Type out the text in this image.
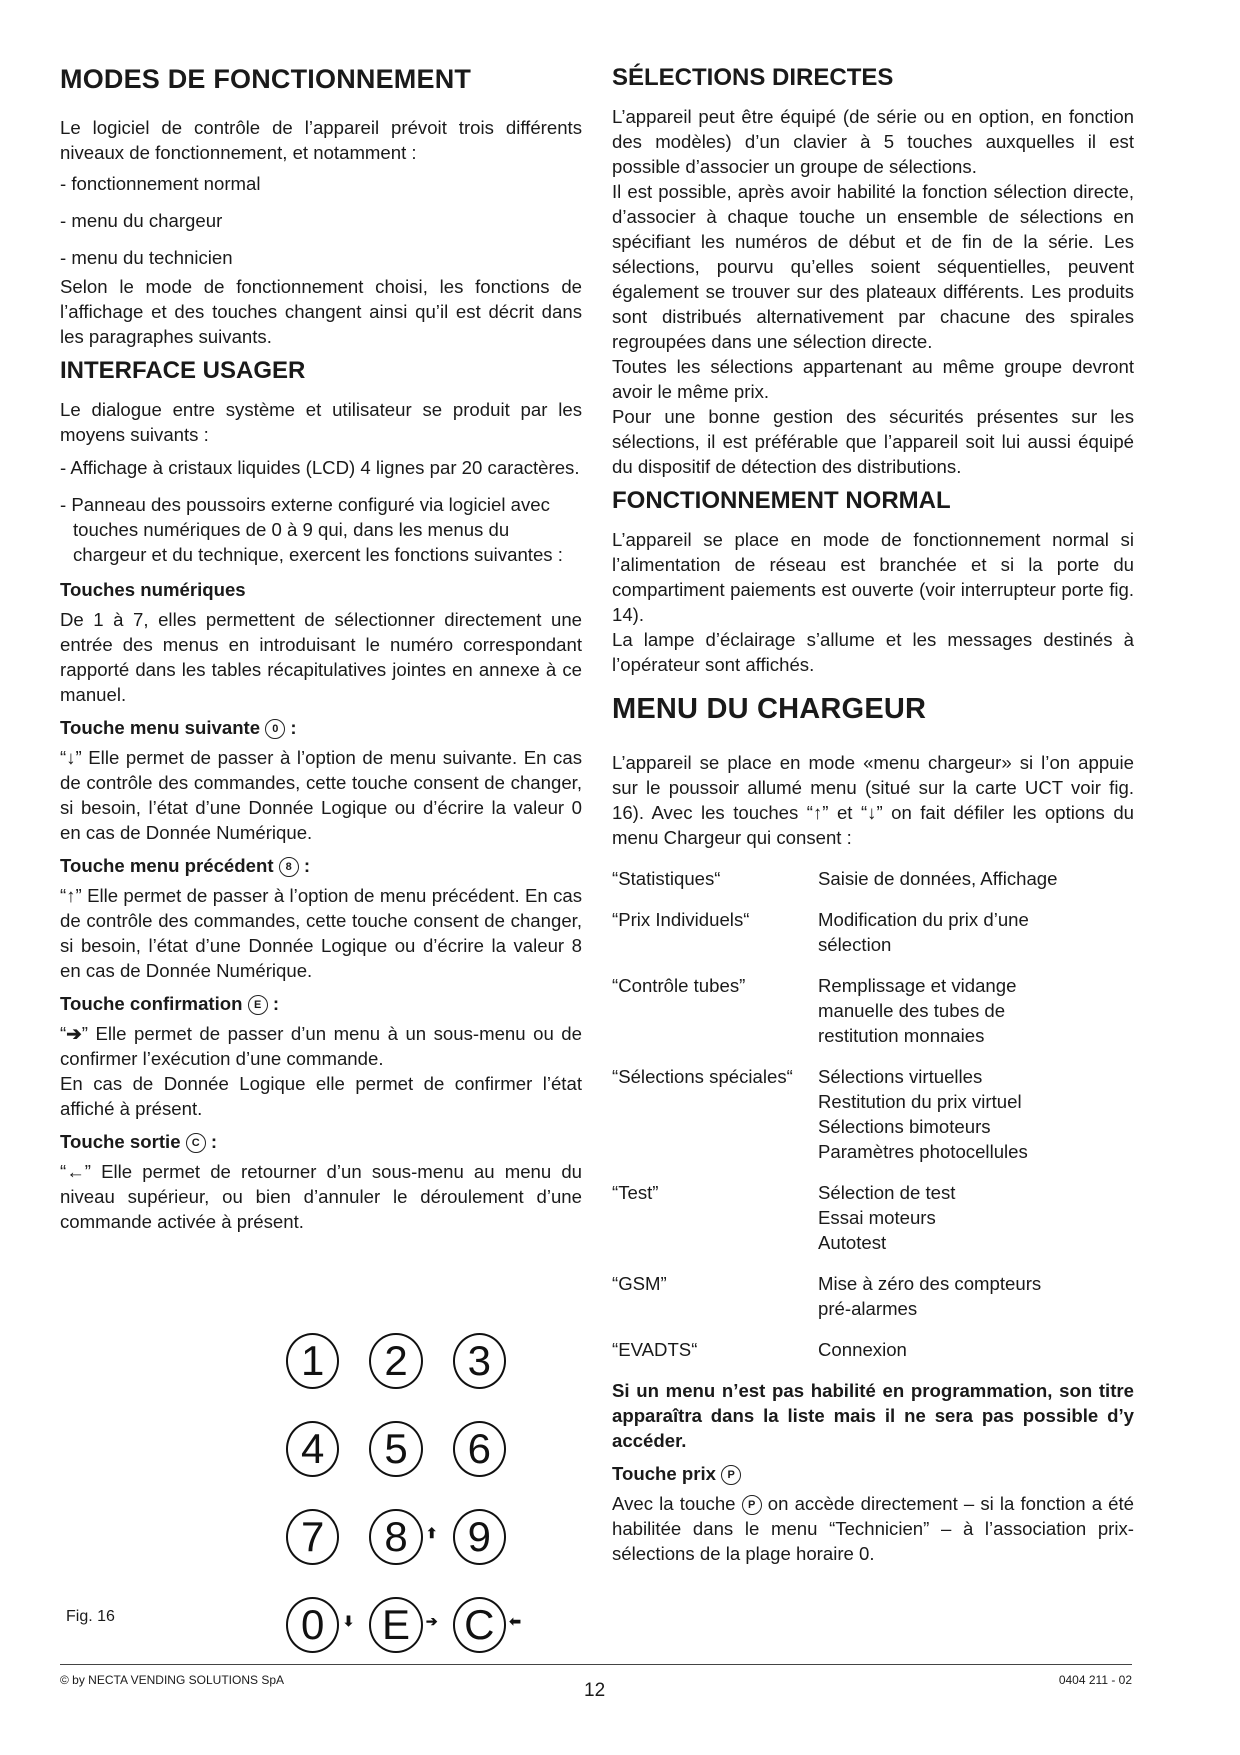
MODES DE FONCTIONNEMENT

Le logiciel de contrôle de l’appareil prévoit trois différents niveaux de fonctionnement, et notamment :

- fonctionnement normal
- menu du chargeur
- menu du technicien

Selon le mode de fonctionnement choisi, les fonctions de l’affichage et des touches changent ainsi qu’il est décrit dans les paragraphes suivants.

INTERFACE USAGER

Le dialogue entre système et utilisateur se produit par les moyens suivants :

- Affichage à cristaux liquides (LCD) 4 lignes par 20 caractères.
- Panneau des poussoirs externe configuré via logiciel avec touches numériques de 0 à 9 qui, dans les menus du chargeur et du technique, exercent les fonctions suivantes :
Touches numériques

De 1 à 7, elles permettent de sélectionner directement une entrée des menus en introduisant le numéro correspondant rapporté dans les tables récapitulatives jointes en annexe à ce manuel.

Touche menu suivante 0 :

“↓” Elle permet de passer à l’option de menu suivante. En cas de contrôle des commandes, cette touche consent de changer, si besoin, l’état d’une Donnée Logique ou d’écrire la valeur 0 en cas de Donnée Numérique.

Touche menu précédent 8 :

“↑” Elle permet de passer à l’option de menu précédent. En cas de contrôle des commandes, cette touche consent de changer, si besoin, l’état d’une Donnée Logique ou d’écrire la valeur 8 en cas de Donnée Numérique.

Touche confirmation E :

“➔” Elle permet de passer d’un menu à un sous-menu ou de confirmer l’exécution d’une commande.

En cas de Donnée Logique elle permet de confirmer l’état affiché à présent.

Touche sortie C :

“←” Elle permet de retourner d’un sous-menu au menu du niveau supérieur, ou bien d’annuler le déroulement d’une commande activée à présent.

1	2	3
4	5	6
7	8 ⬆ 9
0 ⬇ E ➔ C ⬅
Fig. 16
SÉLECTIONS DIRECTES

L’appareil peut être équipé (de série ou en option, en fonction des modèles) d’un clavier à 5 touches auxquelles il est possible d’associer un groupe de sélections.

Il est possible, après avoir habilité la fonction sélection directe, d’associer à chaque touche un ensemble de sélections en spécifiant les numéros de début et de fin de la série. Les sélections, pourvu qu’elles soient séquentielles, peuvent également se trouver sur des plateaux différents. Les produits sont distribués alternativement par chacune des spirales regroupées dans une sélection directe.

Toutes les sélections appartenant au même groupe devront avoir le même prix.

Pour une bonne gestion des sécurités présentes sur les sélections, il est préférable que l’appareil soit lui aussi équipé du dispositif de détection des distributions.

FONCTIONNEMENT NORMAL

L’appareil se place en mode de fonctionnement normal si l’alimentation de réseau est branchée et si la porte du compartiment paiements est ouverte (voir interrupteur porte fig. 14).

La lampe d’éclairage s’allume et les messages destinés à l’opérateur sont affichés.

MENU DU CHARGEUR

L’appareil se place en mode «menu chargeur» si l’on appuie sur le poussoir allumé menu (situé sur la carte UCT voir fig. 16). Avec les touches “↑” et “↓” on fait défiler les options du menu Chargeur qui consent :

“Statistiques“	Saisie de données, Affichage
“Prix Individuels“	Modification du prix d’une
sélection
“Contrôle tubes”	Remplissage et vidange
manuelle des tubes de
restitution monnaies
“Sélections spéciales“	Sélections virtuelles
Restitution du prix virtuel
Sélections bimoteurs
Paramètres photocellules
“Test”	Sélection de test
Essai moteurs
Autotest
“GSM”	Mise à zéro des compteurs
pré-alarmes
“EVADTS“	Connexion

Si un menu n’est pas habilité en programmation, son titre apparaîtra dans la liste mais il ne sera pas possible d’y accéder.

Touche prix P

Avec la touche P on accède directement – si la fonction a été habilitée dans le menu “Technicien” – à l’association prix-sélections de la plage horaire 0.

© by NECTA VENDING SOLUTIONS SpA	12	0404 211 - 02
